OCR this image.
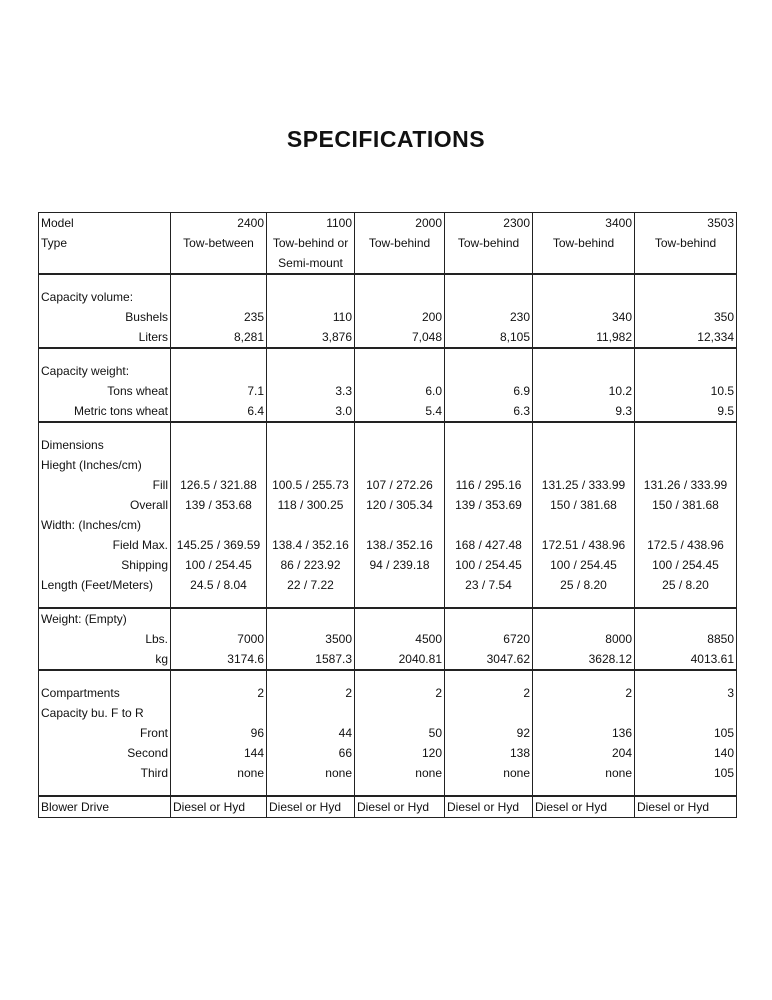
SPECIFICATIONS
Model	2400	1100	2000	2300	3400	3503
Type	Tow-between	Tow-behind or	Tow-behind	Tow-behind	Tow-behind	Tow-behind
		Semi-mount				

Capacity volume:						

Bushels	235	110	200	230	340	350

Liters	8,281	3,876	7,048	8,105	11,982	12,334

Capacity weight:						

Tons wheat	7.1	3.3	6.0	6.9	10.2	10.5

Metric tons wheat	6.4	3.0	5.4	6.3	9.3	9.5

Dimensions						
Hieght (Inches/cm)						

Fill	126.5 / 321.88	100.5 / 255.73	107 / 272.26	116 / 295.16	131.25 / 333.99	131.26 / 333.99

Overall	139 / 353.68	118 / 300.25	120 / 305.34	139 / 353.69	150 / 381.68	150 / 381.68
Width: (Inches/cm)						

Field Max.	145.25 / 369.59	138.4 / 352.16	138./ 352.16	168 / 427.48	172.51 / 438.96	172.5 / 438.96

Shipping	100 / 254.45	86 / 223.92	94 / 239.18	100 / 254.45	100 / 254.45	100 / 254.45
Length (Feet/Meters)	24.5 / 8.04	22 / 7.22		23 / 7.54	25 / 8.20	25 / 8.20

Weight: (Empty)						

Lbs.	7000	3500	4500	6720	8000	8850

kg	3174.6	1587.3	2040.81	3047.62	3628.12	4013.61

Compartments	2	2	2	2	2	3
Capacity bu. F to R						

Front	96	44	50	92	136	105

Second	144	66	120	138	204	140

Third	none	none	none	none	none	105

Blower Drive	Diesel or Hyd	Diesel or Hyd	Diesel or Hyd	Diesel or Hyd	Diesel or Hyd	Diesel or Hyd
